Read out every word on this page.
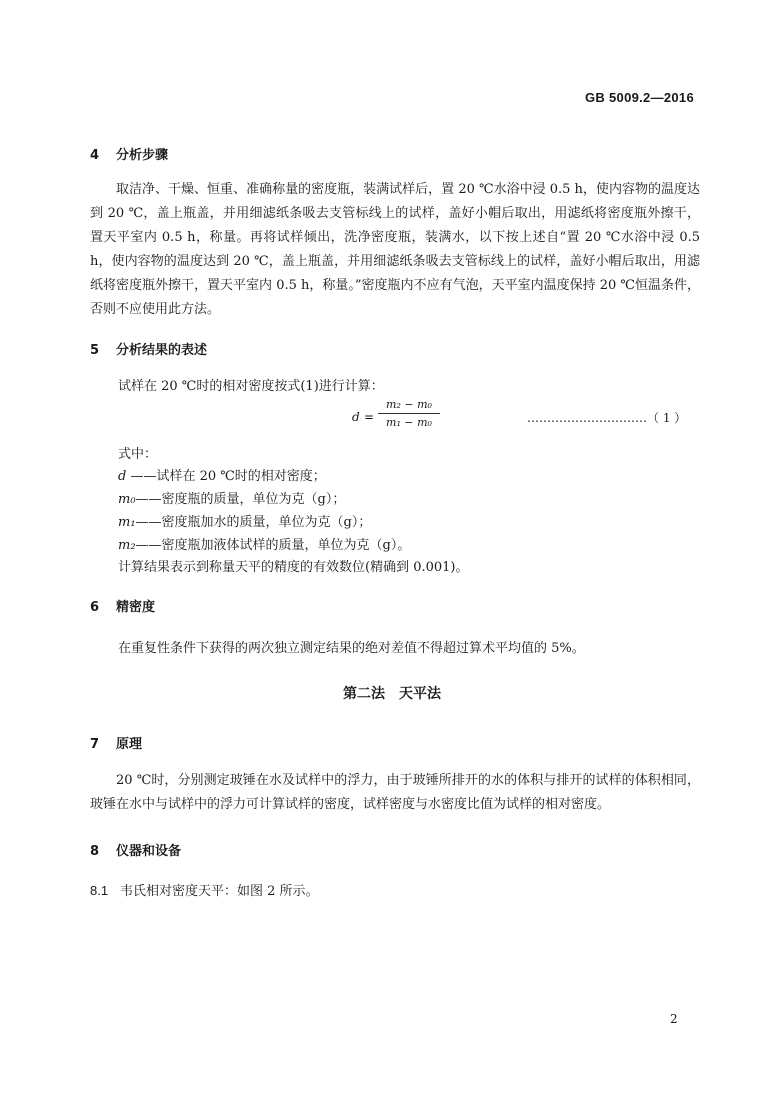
GB 5009.2—2016
4 分析步骤
取洁净、干燥、恒重、准确称量的密度瓶，装满试样后，置 20 ℃水浴中浸 0.5 h，使内容物的温度达到 20 ℃，盖上瓶盖，并用细滤纸条吸去支管标线上的试样，盖好小帽后取出，用滤纸将密度瓶外擦干，置天平室内 0.5 h，称量。再将试样倾出，洗净密度瓶，装满水，以下按上述自“置 20 ℃水浴中浸 0.5 h，使内容物的温度达到 20 ℃，盖上瓶盖，并用细滤纸条吸去支管标线上的试样，盖好小帽后取出，用滤纸将密度瓶外擦干，置天平室内 0.5 h，称量。”密度瓶内不应有气泡，天平室内温度保持 20 ℃恒温条件，否则不应使用此方法。
5 分析结果的表述
试样在 20 ℃时的相对密度按式(1)进行计算：
d =
m₂ − m₀
m₁ − m₀	…………………………（ 1 ）
式中：
d ——试样在 20 ℃时的相对密度；
m₀——密度瓶的质量，单位为克（g）；
m₁——密度瓶加水的质量，单位为克（g）；
m₂——密度瓶加液体试样的质量，单位为克（g）。
计算结果表示到称量天平的精度的有效数位(精确到 0.001)。
6 精密度
在重复性条件下获得的两次独立测定结果的绝对差值不得超过算术平均值的 5%。
第二法　天平法
7 原理
20 ℃时，分别测定玻锤在水及试样中的浮力，由于玻锤所排开的水的体积与排开的试样的体积相同，玻锤在水中与试样中的浮力可计算试样的密度，试样密度与水密度比值为试样的相对密度。
8 仪器和设备
8.1 韦氏相对密度天平：如图 2 所示。
2
